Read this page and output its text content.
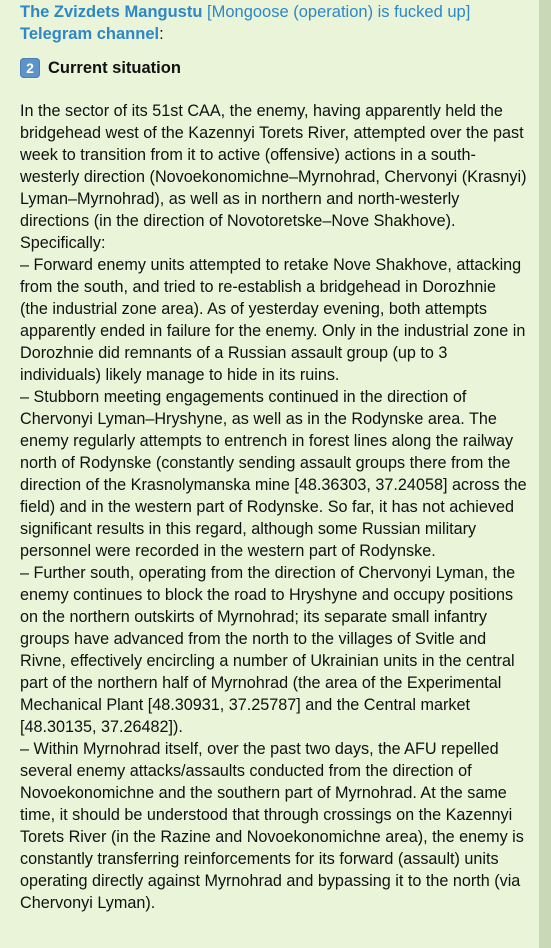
The Zvizdets Mangustu [Mongoose (operation) is fucked up]
Telegram channel:
2 Current situation

In the sector of its 51st CAA, the enemy, having apparently held the bridgehead west of the Kazennyi Torets River, attempted over the past week to transition from it to active (offensive) actions in a south-westerly direction (Novoekonomichne–Myrnohrad, Chervonyi (Krasnyi) Lyman–Myrnohrad), as well as in northern and north-westerly directions (in the direction of Novotoretske–Nove Shakhove). Specifically:

– Forward enemy units attempted to retake Nove Shakhove, attacking from the south, and tried to re-establish a bridgehead in Dorozhnie (the industrial zone area). As of yesterday evening, both attempts apparently ended in failure for the enemy. Only in the industrial zone in Dorozhnie did remnants of a Russian assault group (up to 3 individuals) likely manage to hide in its ruins.

– Stubborn meeting engagements continued in the direction of Chervonyi Lyman–Hryshyne, as well as in the Rodynske area. The enemy regularly attempts to entrench in forest lines along the railway north of Rodynske (constantly sending assault groups there from the direction of the Krasnolymanska mine [48.36303, 37.24058] across the field) and in the western part of Rodynske. So far, it has not achieved significant results in this regard, although some Russian military personnel were recorded in the western part of Rodynske.

– Further south, operating from the direction of Chervonyi Lyman, the enemy continues to block the road to Hryshyne and occupy positions on the northern outskirts of Myrnohrad; its separate small infantry groups have advanced from the north to the villages of Svitle and Rivne, effectively encircling a number of Ukrainian units in the central part of the northern half of Myrnohrad (the area of the Experimental Mechanical Plant [48.30931, 37.25787] and the Central market [48.30135, 37.26482]).

– Within Myrnohrad itself, over the past two days, the AFU repelled several enemy attacks/assaults conducted from the direction of Novoekonomichne and the southern part of Myrnohrad. At the same time, it should be understood that through crossings on the Kazennyi Torets River (in the Razine and Novoekonomichne area), the enemy is constantly transferring reinforcements for its forward (assault) units operating directly against Myrnohrad and bypassing it to the north (via Chervonyi Lyman).
